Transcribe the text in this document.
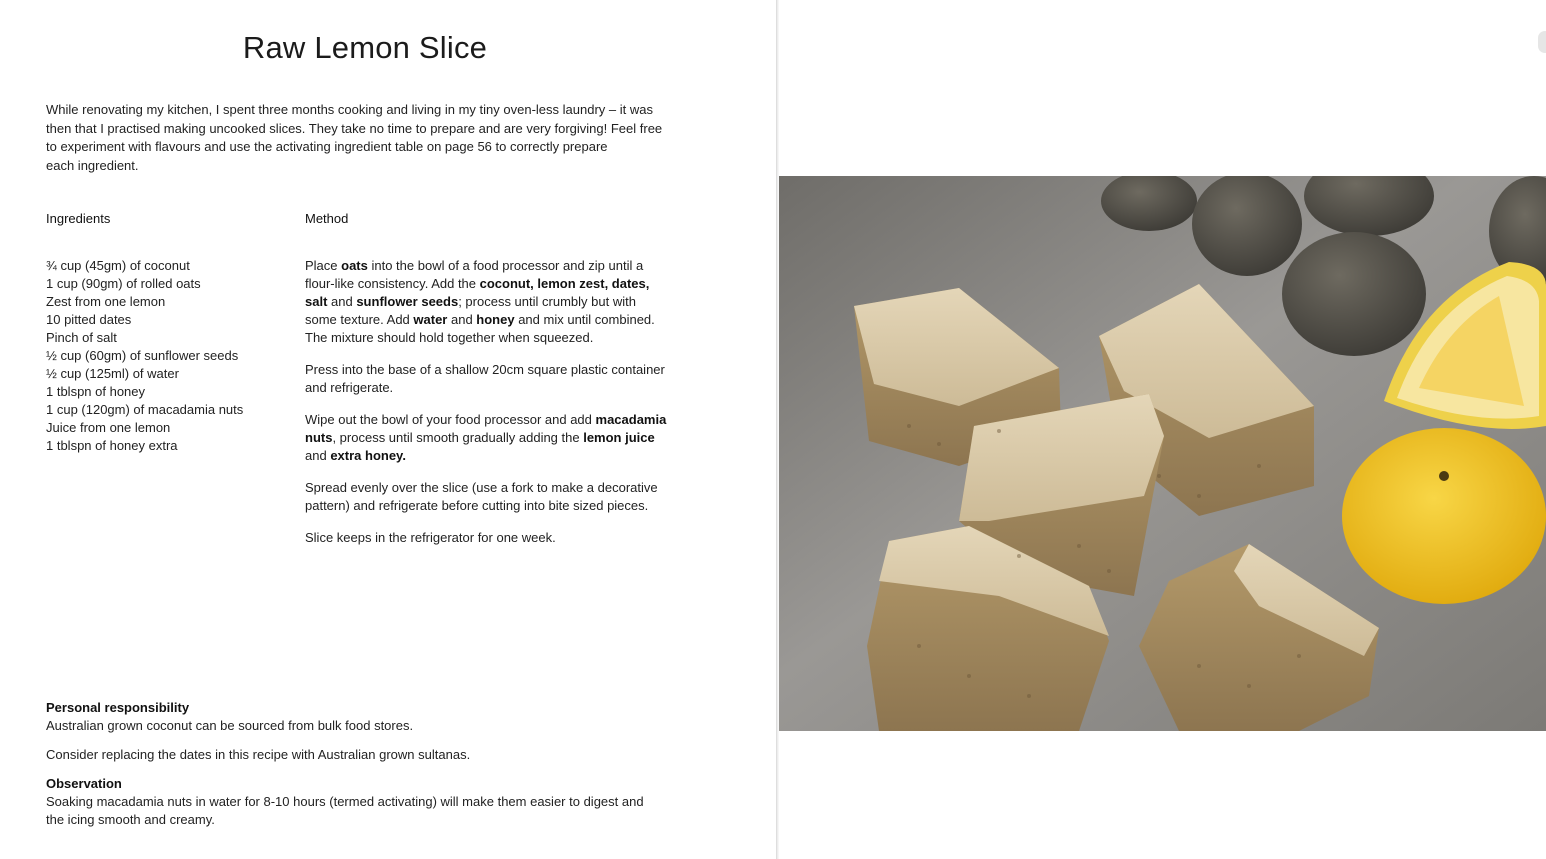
Raw Lemon Slice
While renovating my kitchen, I spent three months cooking and living in my tiny oven-less laundry – it was
then that I practised making uncooked slices. They take no time to prepare and are very forgiving! Feel free
to experiment with flavours and use the activating ingredient table on page 56 to correctly prepare
each ingredient.
Ingredients	Method
¾ cup (45gm) of coconut
1 cup (90gm) of rolled oats
Zest from one lemon
10 pitted dates
Pinch of salt
½ cup (60gm) of sunflower seeds
½ cup (125ml) of water
1 tblspn of honey
1 cup (120gm) of macadamia nuts
Juice from one lemon
1 tblspn of honey extra
Place oats into the bowl of a food processor and zip until a
flour-like consistency. Add the coconut, lemon zest, dates,
salt and sunflower seeds; process until crumbly but with
some texture. Add water and honey and mix until combined.
The mixture should hold together when squeezed.
Press into the base of a shallow 20cm square plastic container
and refrigerate.
Wipe out the bowl of your food processor and add macadamia
nuts, process until smooth gradually adding the lemon juice
and extra honey.
Spread evenly over the slice (use a fork to make a decorative
pattern) and refrigerate before cutting into bite sized pieces.
Slice keeps in the refrigerator for one week.
Personal responsibility
Australian grown coconut can be sourced from bulk food stores.
Consider replacing the dates in this recipe with Australian grown sultanas.
Observation
Soaking macadamia nuts in water for 8-10 hours (termed activating) will make them easier to digest and
the icing smooth and creamy.
